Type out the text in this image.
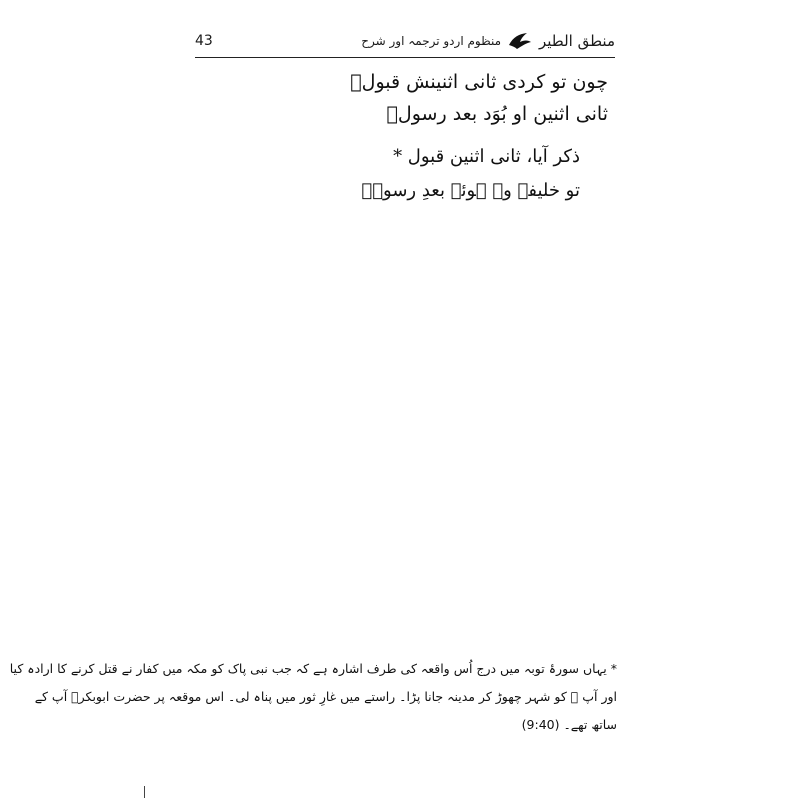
منطق الطیر
منظوم اردو ترجمہ اور شرح
43
چون تو کردی ثانی اثنینش قبولؐ
ثانی اثنین او بُوَد بعد رسولؐ
ذکر آیا، ثانی اثنین قبول *
تو خلیفہ وہ ہوئے بعدِ رسولؐ
* یہاں سورۂ توبہ میں درج اُس واقعہ کی طرف اشارہ ہے کہ جب نبی پاک کو مکہ میں کفار نے قتل کرنے کا ارادہ کیا
اور آپ ﷺ کو شہر چھوڑ کر مدینہ جانا پڑا۔ راستے میں غارِ ثور میں پناہ لی۔ اس موقعہ پر حضرت ابوبکرؓ آپ کے
ساتھ تھے۔ (9:40)
